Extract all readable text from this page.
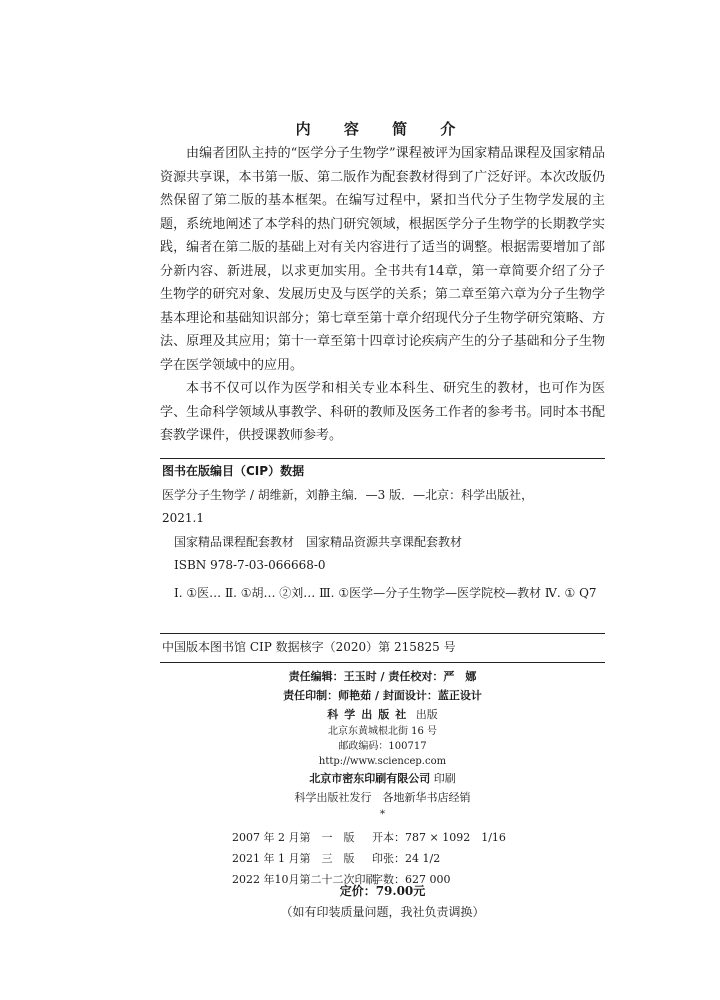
内 容 简 介

由编者团队主持的“医学分子生物学”课程被评为国家精品课程及国家精品资源共享课，本书第一版、第二版作为配套教材得到了广泛好评。本次改版仍然保留了第二版的基本框架。在编写过程中，紧扣当代分子生物学发展的主题，系统地阐述了本学科的热门研究领域，根据医学分子生物学的长期教学实践，编者在第二版的基础上对有关内容进行了适当的调整。根据需要增加了部分新内容、新进展，以求更加实用。全书共有14章，第一章简要介绍了分子生物学的研究对象、发展历史及与医学的关系；第二章至第六章为分子生物学基本理论和基础知识部分；第七章至第十章介绍现代分子生物学研究策略、方法、原理及其应用；第十一章至第十四章讨论疾病产生的分子基础和分子生物学在医学领域中的应用。

本书不仅可以作为医学和相关专业本科生、研究生的教材，也可作为医学、生命科学领域从事教学、科研的教师及医务工作者的参考书。同时本书配套教学课件，供授课教师参考。

图书在版编目（CIP）数据
医学分子生物学 / 胡维新，刘静主编．—3 版．—北京：科学出版社，
2021.1
国家精品课程配套教材　国家精品资源共享课配套教材
ISBN 978-7-03-066668-0
Ⅰ. ①医… Ⅱ. ①胡… ②刘… Ⅲ. ①医学—分子生物学—医学院校—教材 Ⅳ. ① Q7
中国版本图书馆 CIP 数据核字（2020）第 215825 号
责任编辑：王玉时 / 责任校对：严　娜
责任印制：师艳茹 / 封面设计：蓝正设计
科学出版社 出版
北京东黄城根北街 16 号
邮政编码：100717
http://www.sciencep.com
北京市密东印刷有限公司 印刷
科学出版社发行　各地新华书店经销
*
2007 年 2 月第　一　版	开本：787 × 1092　1/16
2021 年 1 月第　三　版	印张：24 1/2
2022 年10月第二十二次印刷
字数：627 000
定价：79.00元
（如有印装质量问题，我社负责调换）
